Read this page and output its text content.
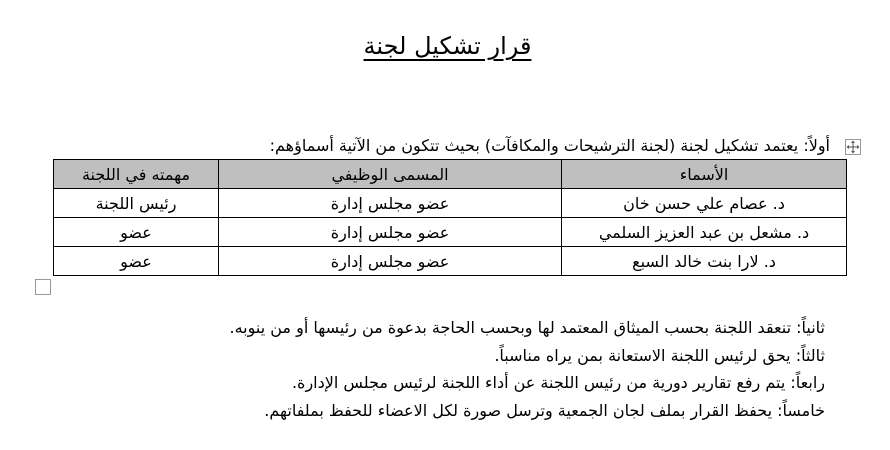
قرار تشكيل لجنة
أولاً: يعتمد تشكيل لجنة (لجنة الترشيحات والمكافآت) بحيث تتكون من الآتية أسماؤهم:
الأسماء	المسمى الوظيفي	مهمته في اللجنة
د. عصام علي حسن خان	عضو مجلس إدارة	رئيس اللجنة
د. مشعل بن عبد العزيز السلمي	عضو مجلس إدارة	عضو
د. لارا بنت خالد السبع	عضو مجلس إدارة	عضو

ثانياً: تنعقد اللجنة بحسب الميثاق المعتمد لها وبحسب الحاجة بدعوة من رئيسها أو من ينوبه.

ثالثاً: يحق لرئيس اللجنة الاستعانة بمن يراه مناسباً.

رابعاً: يتم رفع تقارير دورية من رئيس اللجنة عن أداء اللجنة لرئيس مجلس الإدارة.

خامساً: يحفظ القرار بملف لجان الجمعية وترسل صورة لكل الاعضاء للحفظ بملفاتهم.
